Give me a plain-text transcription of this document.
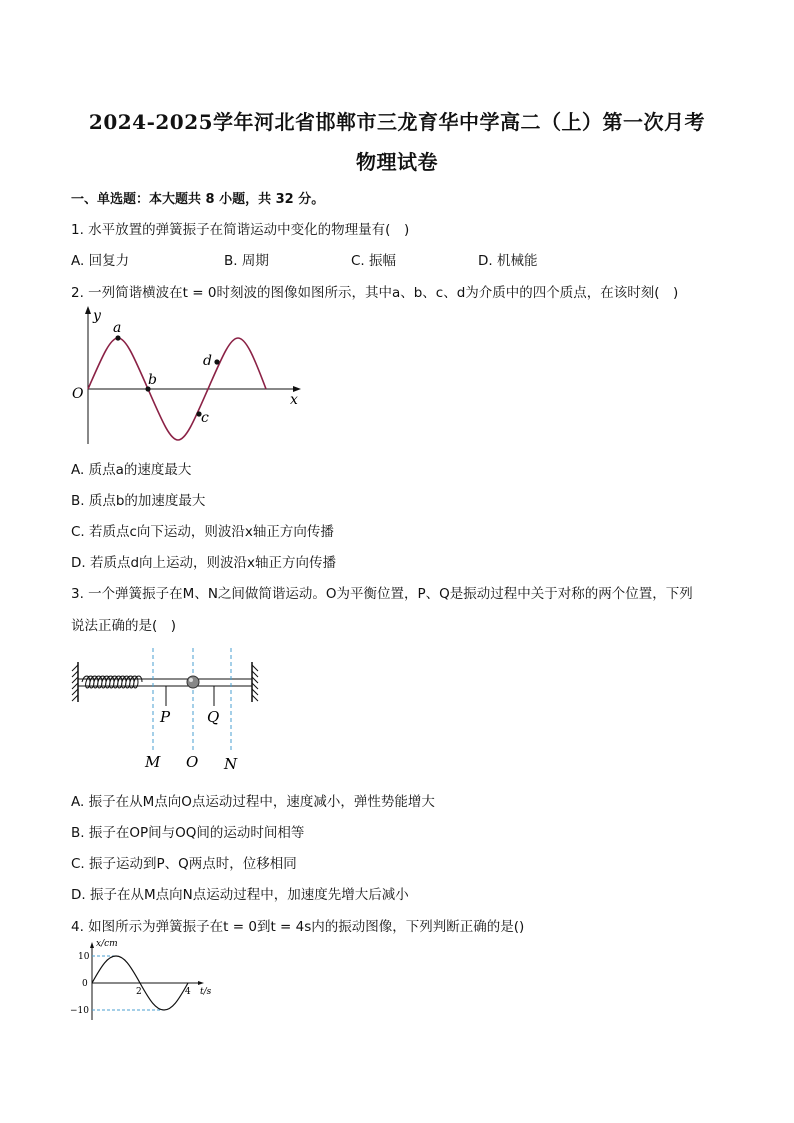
2024-2025学年河北省邯郸市三龙育华中学高二（上）第一次月考
物理试卷
一、单选题：本大题共 8 小题，共 32 分。
1. 水平放置的弹簧振子在简谐运动中变化的物理量有(　)
A. 回复力	B. 周期	C. 振幅	D. 机械能
2. 一列简谐横波在t = 0时刻波的图像如图所示，其中a、b、c、d为介质中的四个质点，在该时刻(　)
y
O	x
a
b
c
d
A. 质点a的速度最大
B. 质点b的加速度最大
C. 若质点c向下运动，则波沿x轴正方向传播
D. 若质点d向上运动，则波沿x轴正方向传播
3. 一个弹簧振子在M、N之间做简谐运动。O为平衡位置，P、Q是振动过程中关于对称的两个位置，下列
说法正确的是(　)
P Q
M O N
A. 振子在从M点向O点运动过程中，速度减小，弹性势能增大
B. 振子在OP间与OQ间的运动时间相等
C. 振子运动到P、Q两点时，位移相同
D. 振子在从M点向N点运动过程中，加速度先增大后减小
4. 如图所示为弹簧振子在t = 0到t = 4s内的振动图像，下列判断正确的是()
x/cm
10
0
−10
2	4 t/s
